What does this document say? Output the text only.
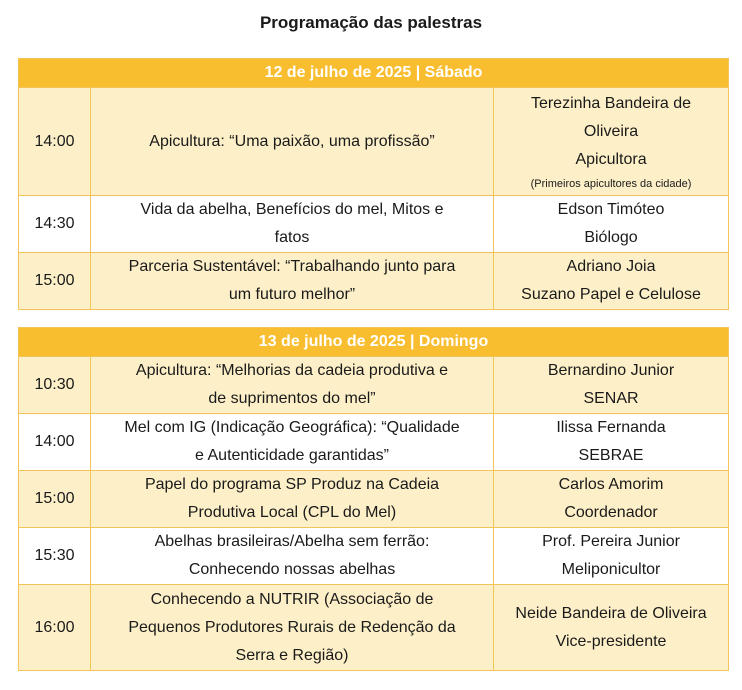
Programação das palestras
12 de julho de 2025 | Sábado		
14:00	Apicultura: “Uma paixão, uma profissão”	Terezinha Bandeira de
Oliveira
Apicultora
(Primeiros apicultores da cidade)

14:30	Vida da abelha, Benefícios do mel, Mitos e
fatos	Edson Timóteo
Biólogo

15:00	Parceria Sustentável: “Trabalhando junto para
um futuro melhor”	Adriano Joia
Suzano Papel e Celulose
13 de julho de 2025 | Domingo		
10:30	Apicultura: “Melhorias da cadeia produtiva e
de suprimentos do mel”	Bernardino Junior
SENAR

14:00	Mel com IG (Indicação Geográfica): “Qualidade
e Autenticidade garantidas”	Ilissa Fernanda
SEBRAE

15:00	Papel do programa SP Produz na Cadeia
Produtiva Local (CPL do Mel)	Carlos Amorim
Coordenador

15:30	Abelhas brasileiras/Abelha sem ferrão:
Conhecendo nossas abelhas	Prof. Pereira Junior
Meliponicultor

16:00	Conhecendo a NUTRIR (Associação de
Pequenos Produtores Rurais de Redenção da
Serra e Região)	Neide Bandeira de Oliveira
Vice-presidente
